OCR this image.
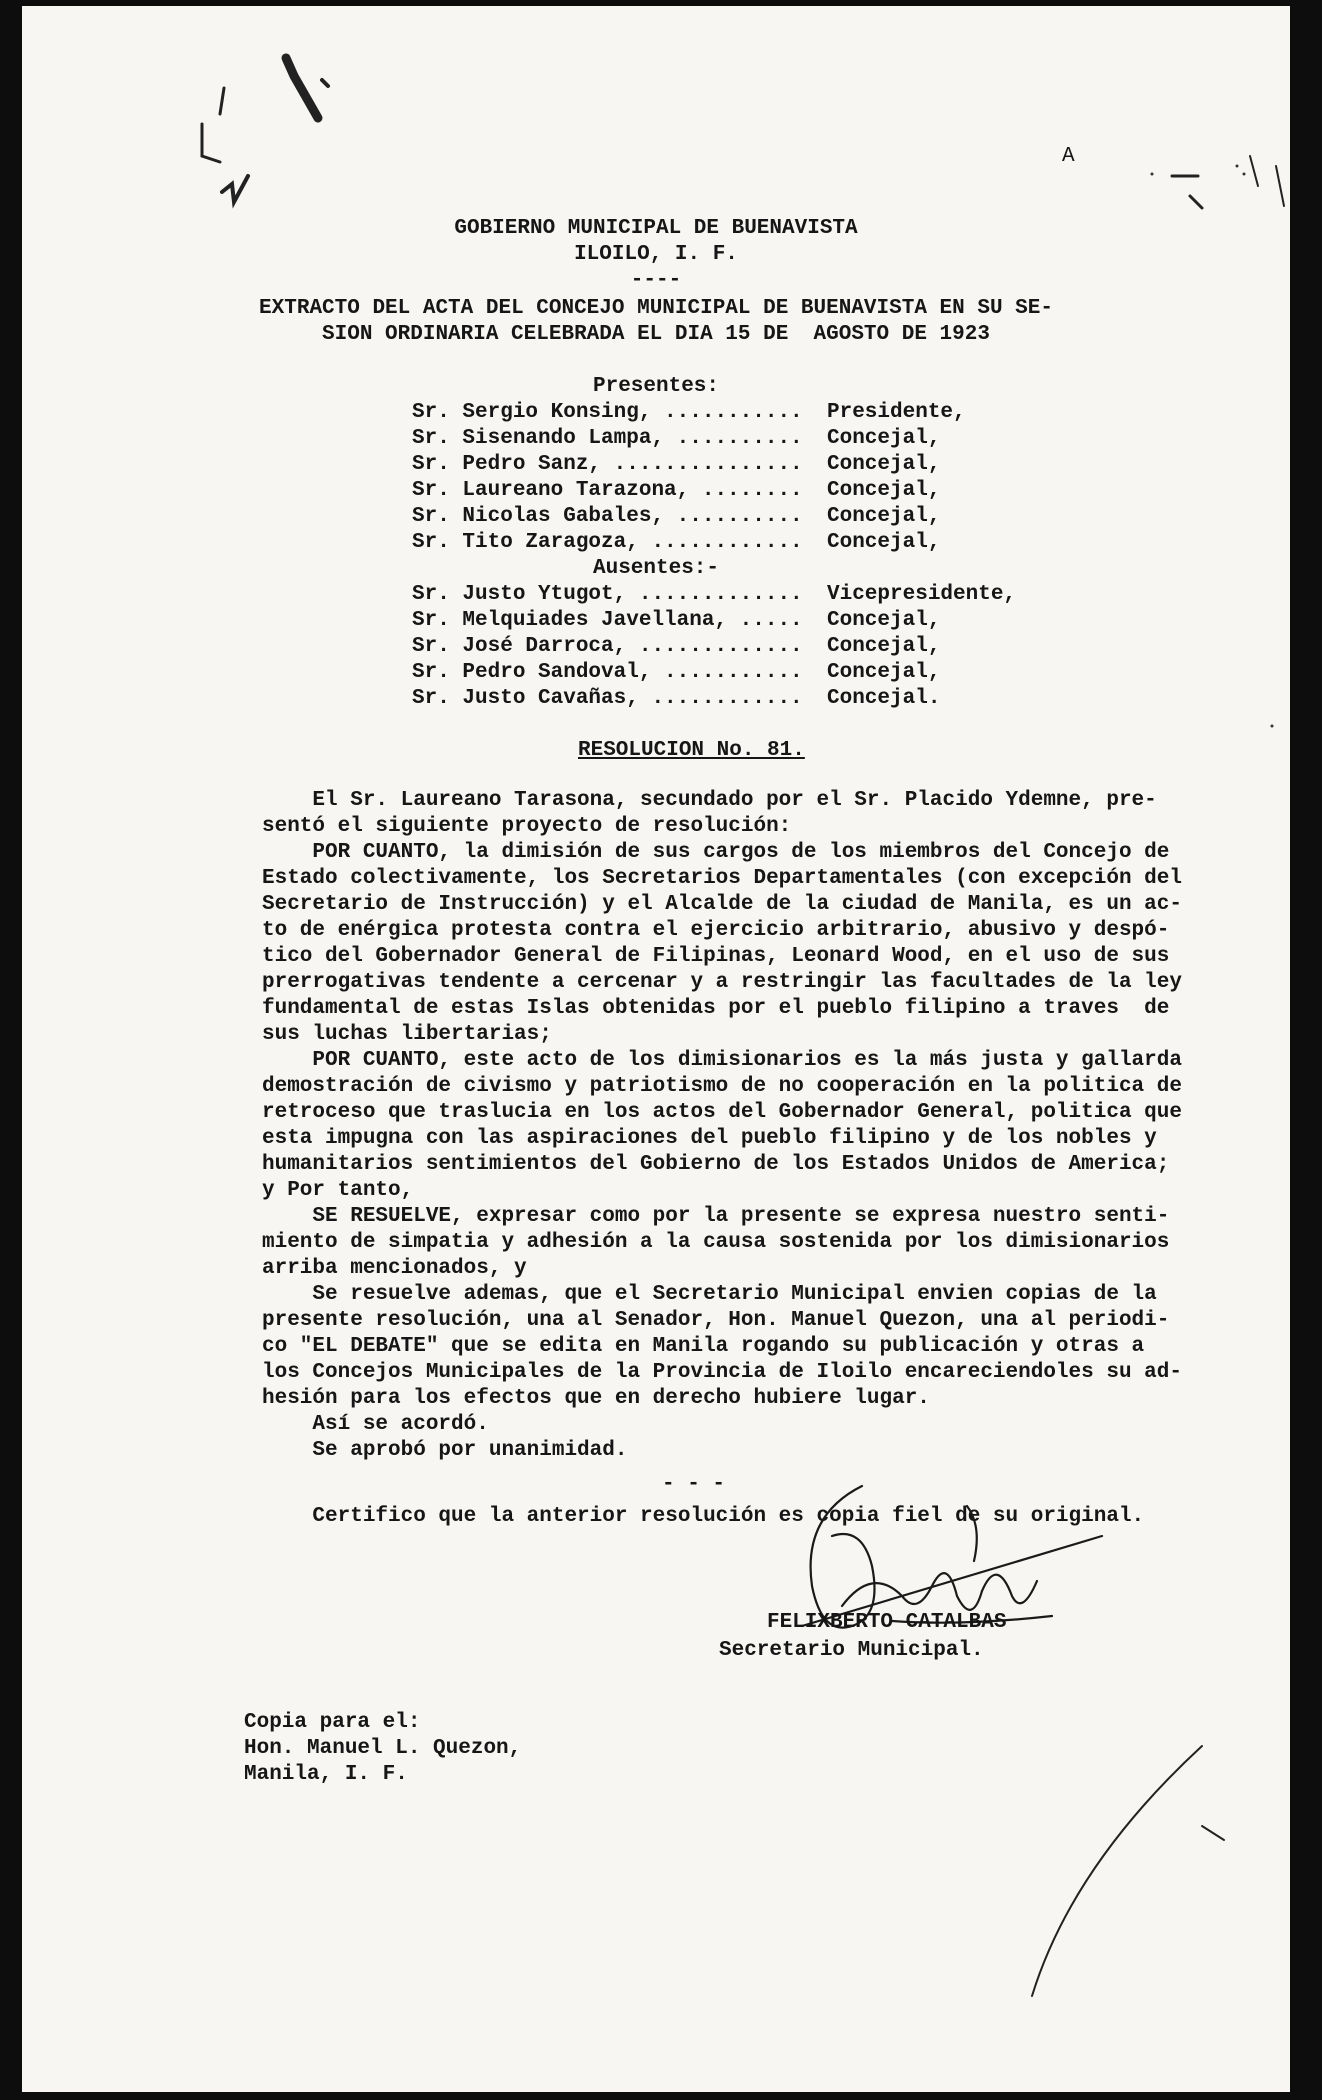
A
GOBIERNO MUNICIPAL DE BUENAVISTA
ILOILO, I. F.
----
EXTRACTO DEL ACTA DEL CONCEJO MUNICIPAL DE BUENAVISTA EN SU SE-
SION ORDINARIA CELEBRADA EL DIA 15 DE  AGOSTO DE 1923
Presentes:
Sr. Sergio Konsing, ........... Presidente,
Sr. Sisenando Lampa, .......... Concejal,
Sr. Pedro Sanz, ............... Concejal,
Sr. Laureano Tarazona, ........ Concejal,
Sr. Nicolas Gabales, .......... Concejal,
Sr. Tito Zaragoza, ............ Concejal,
Ausentes:-
Sr. Justo Ytugot, ............. Vicepresidente,
Sr. Melquiades Javellana, ..... Concejal,
Sr. José Darroca, ............. Concejal,
Sr. Pedro Sandoval, ........... Concejal,
Sr. Justo Cavañas, ............ Concejal.
RESOLUCION No. 81.
El Sr. Laureano Tarasona, secundado por el Sr. Placido Ydemne, pre-
sentó el siguiente proyecto de resolución:
POR CUANTO, la dimisión de sus cargos de los miembros del Concejo de
Estado colectivamente, los Secretarios Departamentales (con excepción del
Secretario de Instrucción) y el Alcalde de la ciudad de Manila, es un ac-
to de enérgica protesta contra el ejercicio arbitrario, abusivo y despó-
tico del Gobernador General de Filipinas, Leonard Wood, en el uso de sus
prerrogativas tendente a cercenar y a restringir las facultades de la ley
fundamental de estas Islas obtenidas por el pueblo filipino a traves  de
sus luchas libertarias;
POR CUANTO, este acto de los dimisionarios es la más justa y gallarda
demostración de civismo y patriotismo de no cooperación en la politica de
retroceso que traslucia en los actos del Gobernador General, politica que
esta impugna con las aspiraciones del pueblo filipino y de los nobles y
humanitarios sentimientos del Gobierno de los Estados Unidos de America;
y Por tanto,
SE RESUELVE, expresar como por la presente se expresa nuestro senti-
miento de simpatia y adhesión a la causa sostenida por los dimisionarios
arriba mencionados, y
Se resuelve ademas, que el Secretario Municipal envien copias de la
presente resolución, una al Senador, Hon. Manuel Quezon, una al periodi-
co "EL DEBATE" que se edita en Manila rogando su publicación y otras a
los Concejos Municipales de la Provincia de Iloilo encareciendoles su ad-
hesión para los efectos que en derecho hubiere lugar.
Así se acordó.
Se aprobó por unanimidad.
- - -
Certifico que la anterior resolución es copia fiel de su original.
FELIXBERTO CATALBAS
Secretario Municipal.
Copia para el:
Hon. Manuel L. Quezon,
Manila, I. F.
